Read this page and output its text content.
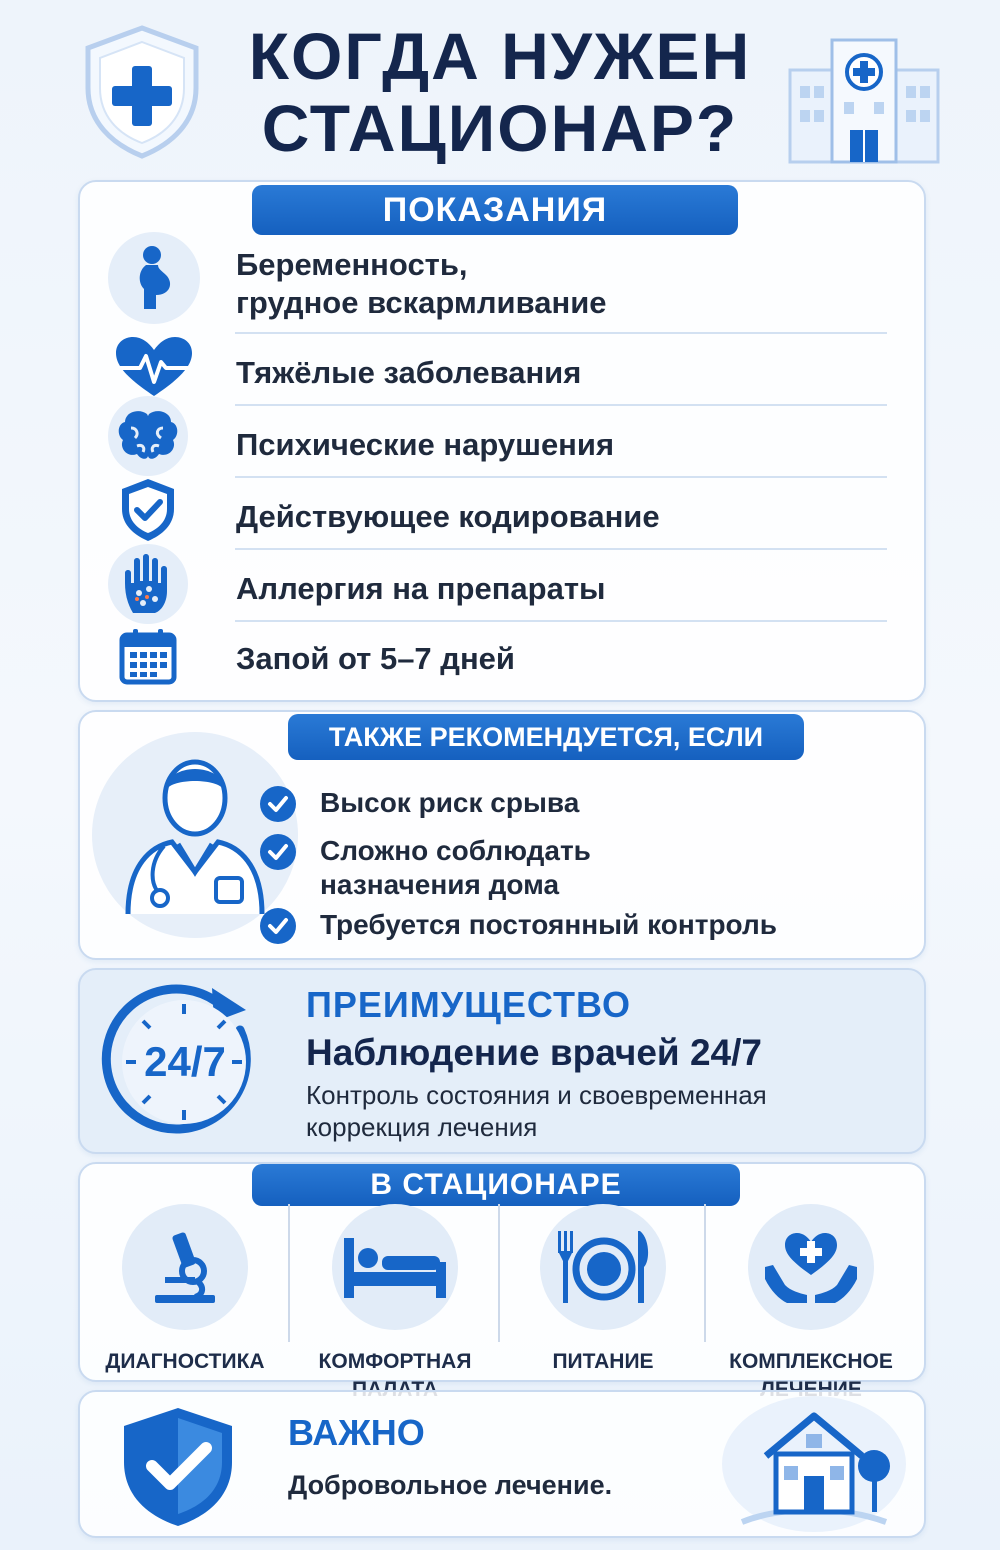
КОГДА НУЖЕН
СТАЦИОНАР?
ПОКАЗАНИЯ
Беременность,
грудное вскармливание
Тяжёлые заболевания
Психические нарушения
Действующее кодирование
Аллергия на препараты
Запой от 5–7 дней
ТАКЖЕ РЕКОМЕНДУЕТСЯ, ЕСЛИ
Высок риск срыва
Сложно соблюдать
назначения дома
Требуется постоянный контроль
24/7
ПРЕИМУЩЕСТВО
Наблюдение врачей 24/7
Контроль состояния и своевременная
коррекция лечения
В СТАЦИОНАРЕ
ДИАГНОСТИКА	КОМФОРТНАЯ	ПИТАНИЕ	КОМПЛЕКСНОЕ
ВАЖНО
Добровольное лечение.
